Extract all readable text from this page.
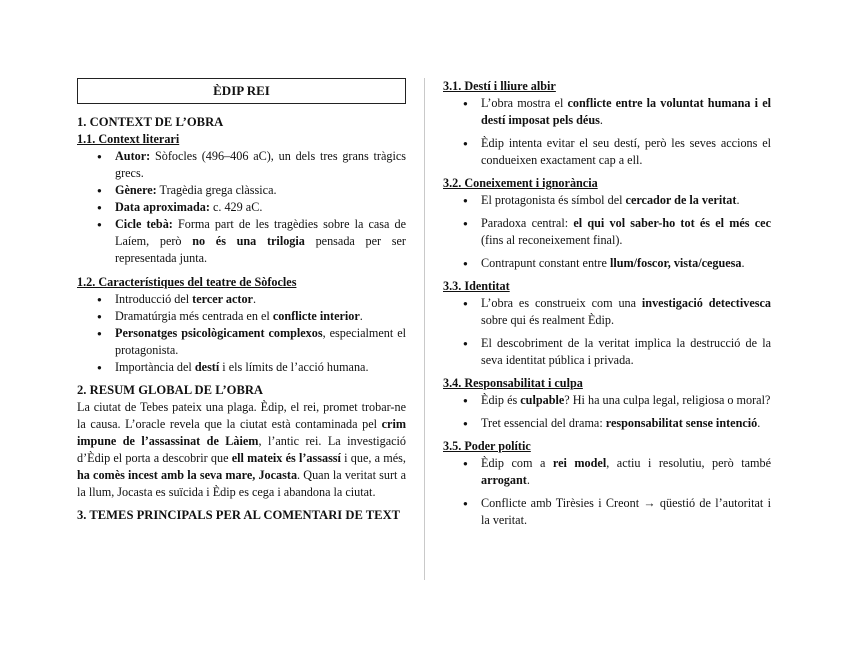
ÈDIP REI

1. CONTEXT DE L’OBRA

1.1. Context literari

● Autor: Sòfocles (496–406 aC), un dels tres grans tràgics grecs.
● Gènere: Tragèdia grega clàssica.
● Data aproximada: c. 429 aC.
● Cicle tebà: Forma part de les tragèdies sobre la casa de Laíem, però no és una trilogia pensada per ser representada junta.

1.2. Característiques del teatre de Sòfocles

● Introducció del tercer actor.
● Dramatúrgia més centrada en el conflicte interior.
● Personatges psicològicament complexos, especialment el protagonista.
● Importància del destí i els límits de l’acció humana.

2. RESUM GLOBAL DE L’OBRA

La ciutat de Tebes pateix una plaga. Èdip, el rei, promet trobar-ne la causa. L’oracle revela que la ciutat està contaminada pel crim impune de l’assassinat de Làiem, l’antic rei. La investigació d’Èdip el porta a descobrir que ell mateix és l’assassí i que, a més, ha comès incest amb la seva mare, Jocasta. Quan la veritat surt a la llum, Jocasta es suïcida i Èdip es cega i abandona la ciutat.

3. TEMES PRINCIPALS PER AL COMENTARI DE TEXT

3.1. Destí i lliure albir

● L’obra mostra el conflicte entre la voluntat humana i el destí imposat pels déus.
● Èdip intenta evitar el seu destí, però les seves accions el condueixen exactament cap a ell.

3.2. Coneixement i ignorància

● El protagonista és símbol del cercador de la veritat.
● Paradoxa central: el qui vol saber-ho tot és el més cec (fins al reconeixement final).
● Contrapunt constant entre llum/foscor, vista/ceguesa.

3.3. Identitat

● L’obra es construeix com una investigació detectivesca sobre qui és realment Èdip.
● El descobriment de la veritat implica la destrucció de la seva identitat pública i privada.

3.4. Responsabilitat i culpa

● Èdip és culpable? Hi ha una culpa legal, religiosa o moral?
● Tret essencial del drama: responsabilitat sense intenció.

3.5. Poder polític

● Èdip com a rei model, actiu i resolutiu, però també arrogant.
● Conflicte amb Tirèsies i Creont → qüestió de l’autoritat i la veritat.
